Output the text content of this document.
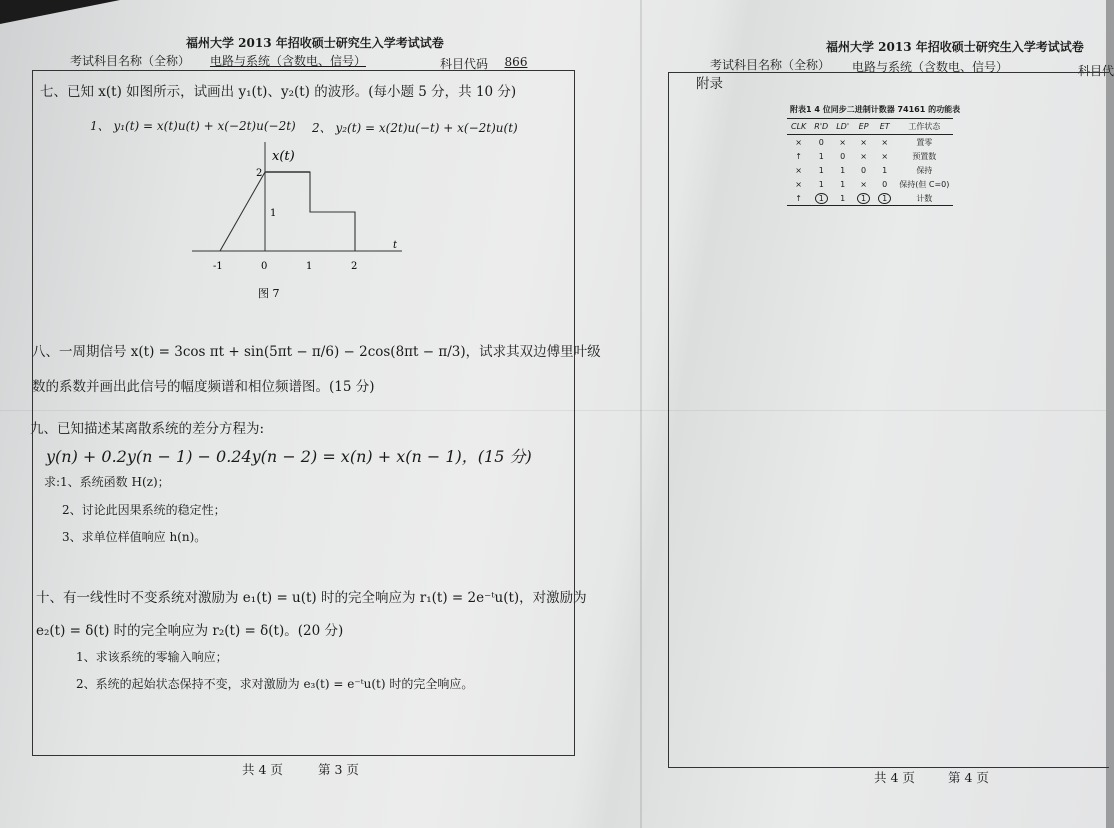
福州大学 2013 年招收硕士研究生入学考试试卷
考试科目名称（全称）	电路与系统（含数电、信号）	科目代码	866
七、已知 x(t) 如图所示，试画出 y₁(t)、y₂(t) 的波形。(每小题 5 分，共 10 分)
1、 y₁(t) = x(t)u(t) + x(−2t)u(−2t) 2、 y₂(t) = x(2t)u(−t) + x(−2t)u(t)
x(t)
2
1
-1	0	1	2
t
图 7
八、一周期信号 x(t) = 3cos πt + sin(5πt − π/6) − 2cos(8πt − π/3)，试求其双边傅里叶级
数的系数并画出此信号的幅度频谱和相位频谱图。(15 分)
九、已知描述某离散系统的差分方程为:
y(n) + 0.2y(n − 1) − 0.24y(n − 2) = x(n) + x(n − 1)，(15 分)
求:1、系统函数 H(z)；
2、讨论此因果系统的稳定性；
3、求单位样值响应 h(n)。
十、有一线性时不变系统对激励为 e₁(t) = u(t) 时的完全响应为 r₁(t) = 2e⁻ᵗu(t)，对激励为
e₂(t) = δ(t) 时的完全响应为 r₂(t) = δ(t)。(20 分)
1、求该系统的零输入响应；
2、系统的起始状态保持不变，求对激励为 e₃(t) = e⁻ᵗu(t) 时的完全响应。
共 4 页	第 3 页
福州大学 2013 年招收硕士研究生入学考试试卷
考试科目名称（全称）	电路与系统（含数电、信号）	科目代
附录
附表1 4 位同步二进制计数器 74161 的功能表
CLK	R'D	LD'	EP	ET	工作状态
×	0	×	×	×	置零
↑	1	0	×	×	预置数
×	1	1	0	1	保持
×	1	1	×	0	保持(但 C=0)
↑	1	1	1	1	计数
共 4 页	第 4 页
